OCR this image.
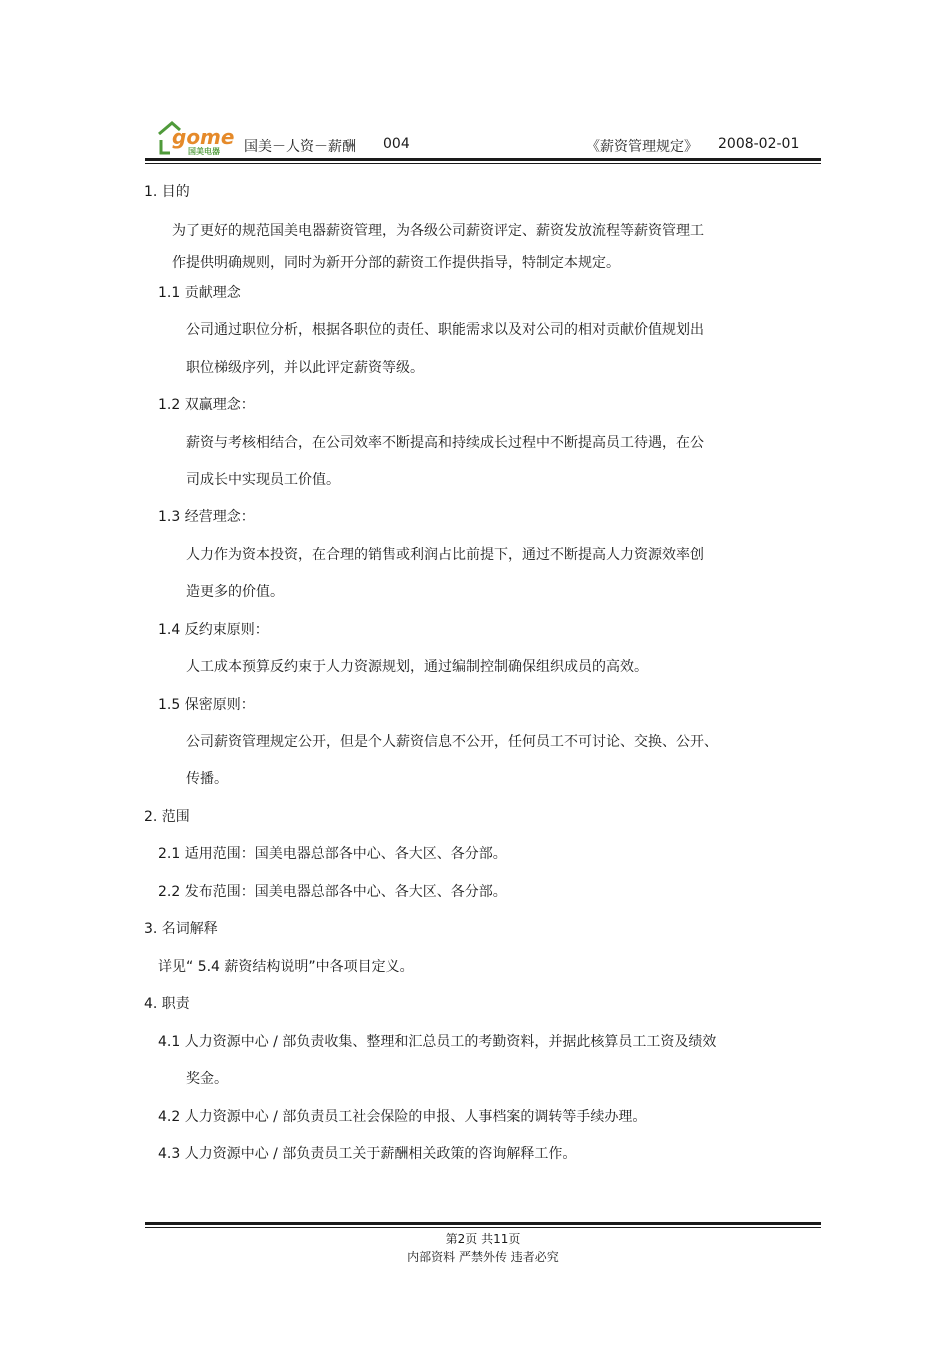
gome
国美电器 国美－人资－薪酬 004	《薪资管理规定》 2008-02-01
1. 目的
为了更好的规范国美电器薪资管理，为各级公司薪资评定、薪资发放流程等薪资管理工
作提供明确规则，同时为新开分部的薪资工作提供指导，特制定本规定。
1.1 贡献理念
公司通过职位分析，根据各职位的责任、职能需求以及对公司的相对贡献价值规划出
职位梯级序列，并以此评定薪资等级。
1.2 双赢理念：
薪资与考核相结合，在公司效率不断提高和持续成长过程中不断提高员工待遇，在公
司成长中实现员工价值。
1.3 经营理念：
人力作为资本投资，在合理的销售或利润占比前提下，通过不断提高人力资源效率创
造更多的价值。
1.4 反约束原则：
人工成本预算反约束于人力资源规划，通过编制控制确保组织成员的高效。
1.5 保密原则：
公司薪资管理规定公开，但是个人薪资信息不公开，任何员工不可讨论、交换、公开、
传播。
2. 范围
2.1 适用范围：国美电器总部各中心、各大区、各分部。
2.2 发布范围：国美电器总部各中心、各大区、各分部。
3. 名词解释
详见“ 5.4 薪资结构说明”中各项目定义。
4. 职责
4.1 人力资源中心 / 部负责收集、整理和汇总员工的考勤资料，并据此核算员工工资及绩效
奖金。
4.2 人力资源中心 / 部负责员工社会保险的申报、人事档案的调转等手续办理。
4.3 人力资源中心 / 部负责员工关于薪酬相关政策的咨询解释工作。
第2页 共11页
内部资料 严禁外传 违者必究
